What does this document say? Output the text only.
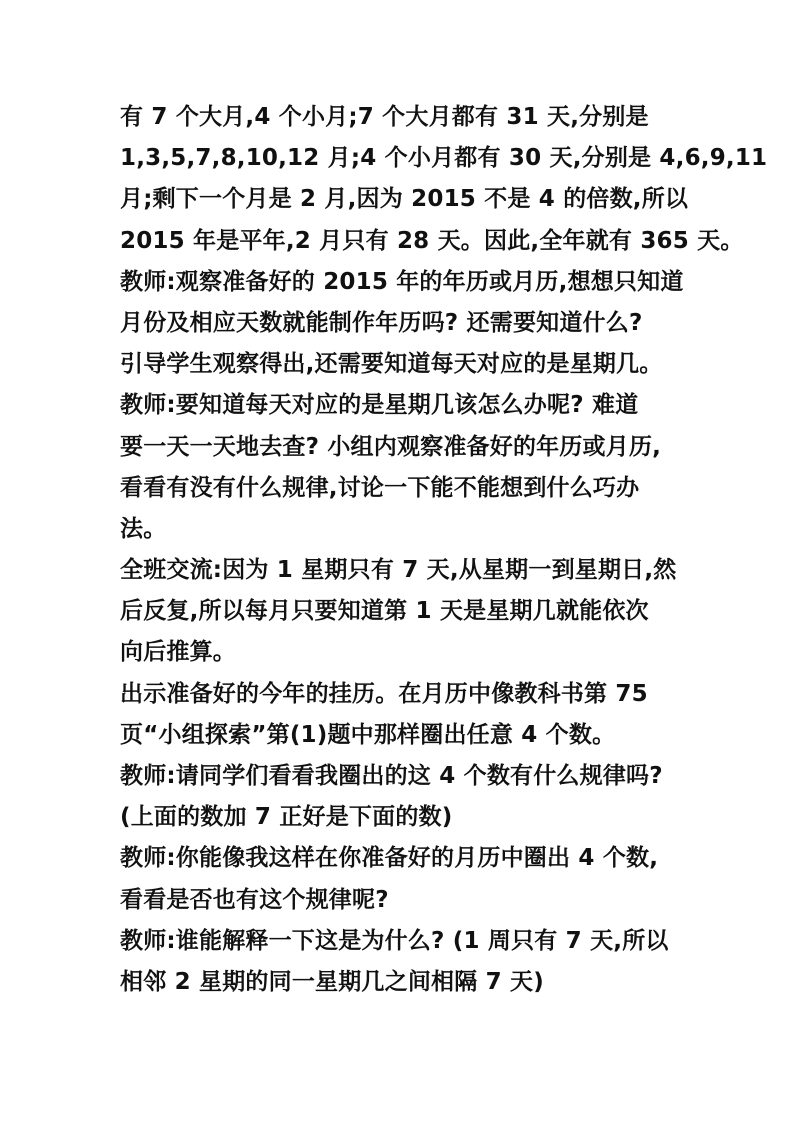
有 7 个大月,4 个小月;7 个大月都有 31 天,分别是
1,3,5,7,8,10,12 月;4 个小月都有 30 天,分别是 4,6,9,11
月;剩下一个月是 2 月,因为 2015 不是 4 的倍数,所以
2015 年是平年,2 月只有 28 天。因此,全年就有 365 天。
教师:观察准备好的 2015 年的年历或月历,想想只知道
月份及相应天数就能制作年历吗? 还需要知道什么?
引导学生观察得出,还需要知道每天对应的是星期几。
教师:要知道每天对应的是星期几该怎么办呢? 难道
要一天一天地去查? 小组内观察准备好的年历或月历,
看看有没有什么规律,讨论一下能不能想到什么巧办
法。
全班交流:因为 1 星期只有 7 天,从星期一到星期日,然
后反复,所以每月只要知道第 1 天是星期几就能依次
向后推算。
出示准备好的今年的挂历。在月历中像教科书第 75
页“小组探索”第(1)题中那样圈出任意 4 个数。
教师:请同学们看看我圈出的这 4 个数有什么规律吗?
(上面的数加 7 正好是下面的数)
教师:你能像我这样在你准备好的月历中圈出 4 个数,
看看是否也有这个规律呢?
教师:谁能解释一下这是为什么? (1 周只有 7 天,所以
相邻 2 星期的同一星期几之间相隔 7 天)
